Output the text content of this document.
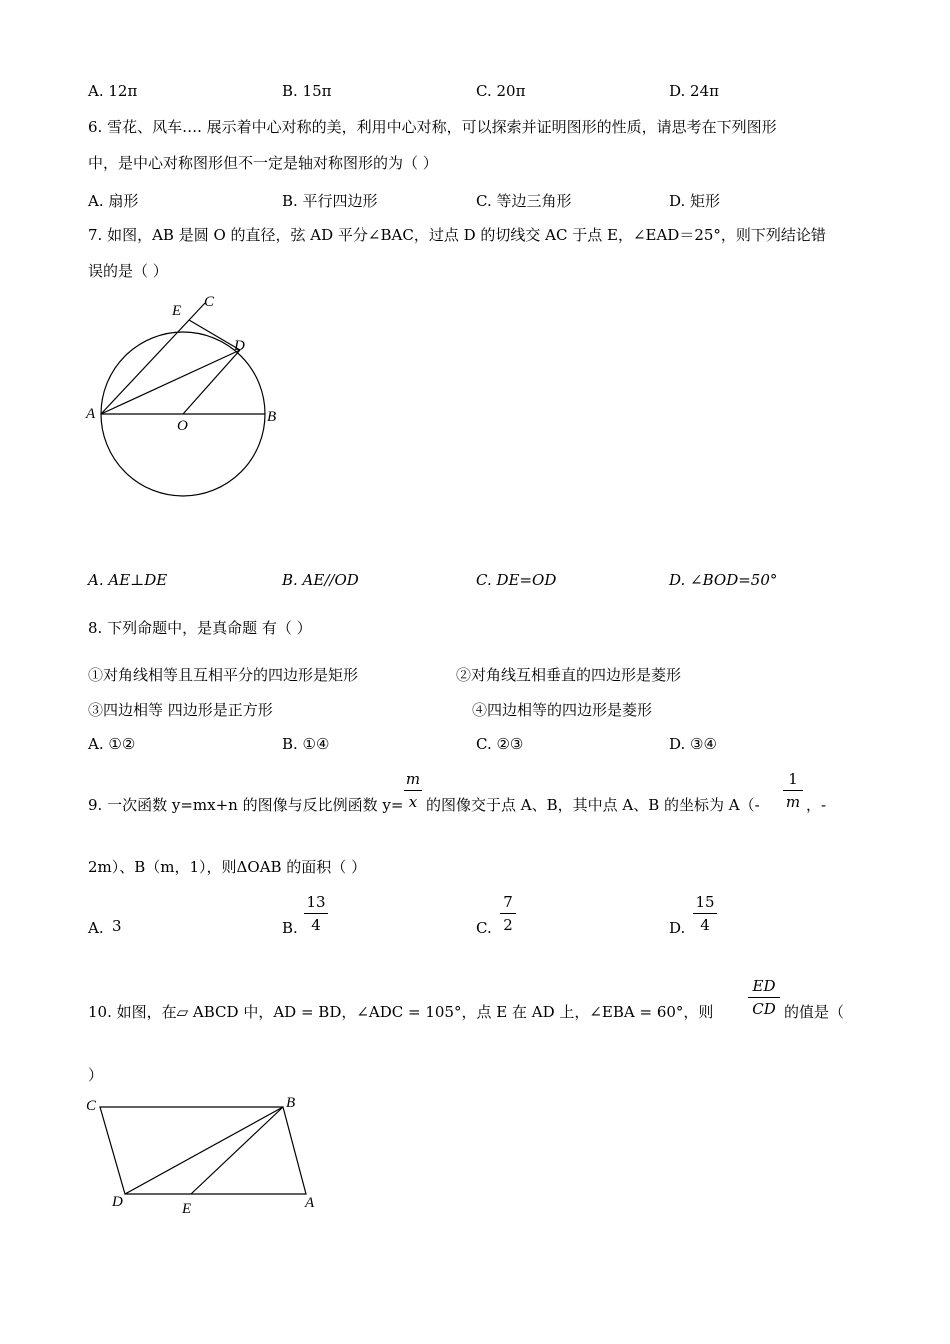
A. 12π	B. 15π	C. 20π	D. 24π
6. 雪花、风车…. 展示着中心对称的美，利用中心对称，可以探索并证明图形的性质，请思考在下列图形
中，是中心对称图形但不一定是轴对称图形的为（ ）
A. 扇形	B. 平行四边形	C. 等边三角形	D. 矩形
7. 如图，AB 是圆 O 的直径，弦 AD 平分∠BAC，过点 D 的切线交 AC 于点 E，∠EAD＝25°，则下列结论错
误的是（ ）
A	B
C
D
E
O
A. AE⊥DE	B. AE//OD	C. DE=OD	D. ∠BOD=50°
8. 下列命题中，是真命题 有（ ）
①对角线相等且互相平分的四边形是矩形	②对角线互相垂直的四边形是菱形
③四边相等 四边形是正方形	④四边相等的四边形是菱形
A. ①②	B. ①④	C. ②③	D. ③④
9. 一次函数 y=mx+n 的图像与反比例函数 y=
m
x 的图像交于点 A、B，其中点 A、B 的坐标为 A（-
1
m ，-
2m）、B（m，1），则ΔOAB 的面积（ ）
A. 3	B.
13
4	C.
7
2	D.
15
4
10. 如图，在▱ ABCD 中，AD = BD，∠ADC = 105°，点 E 在 AD 上，∠EBA = 60°，则
ED
CD 的值是（
）
C	B
D	E	A
